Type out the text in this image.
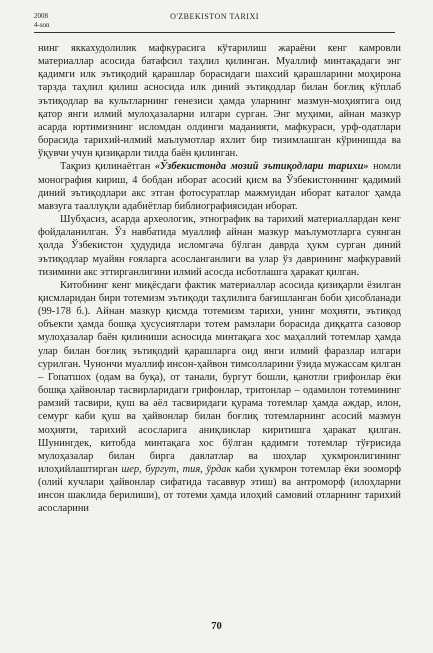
2008
4-son
O'ZBEKISTON TARIXI

нинг яккахудолилик мафкурасига кўтарилиш жараёни кенг камровли материаллар асосида батафсил таҳлил қилинган. Муаллиф минтақадаги энг қадимги илк эътиқодий қарашлар борасидаги шахсий қарашларини моҳирона тарзда таҳлил қилиш асносида илк диний эътиқодлар билан боғлиқ кўплаб эътиқодлар ва культларнинг генезиси ҳамда уларнинг мазмун-моҳиятига оид қатор янги илмий мулоҳазаларни илгари сурган. Энг муҳими, айнан мазкур асарда юртимизнинг исломдан олдинги маданияти, мафкураси, урф-одатлари борасида тарихий-илмий маълумотлар яхлит бир тизимлашган кўринишда ва ўқувчи учун қизиқарли тилда баён қилинган.

Тақриз қилинаётган «Ўзбекистонда мозий эътиқодлари тарихи» номли монография кириш, 4 бобдан иборат асосий қисм ва Ўзбекистоннинг қадимий диний эътиқодлари акс этган фотосуратлар мажмуидан иборат каталог ҳамда мавзуга тааллуқли адабиётлар библиографиясидан иборат.

Шубҳасиз, асарда археологик, этнографик ва тарихий материаллардан кенг фойдаланилган. Ўз навбатида муаллиф айнан мазкур маълумотларга суянган ҳолда Ўзбекистон ҳудудида исломгача бўлган даврда ҳукм сурган диний эътиқодлар муайян ғояларга асосланганлиги ва улар ўз даврининг мафкуравий тизимини акс эттирганлигини илмий асосда исботлашга ҳаракат қилган.

Китобнинг кенг миқёсдаги фактик материаллар асосида қизиқарли ёзилган қисмларидан бири тотемизм эътиқоди таҳлилига бағишланган боби ҳисобланади (99-178 б.). Айнан мазкур қисмда тотемизм тарихи, унинг моҳияти, эътиқод объекти ҳамда бошқа ҳусусиятлари тотем рамзлари борасида диққатга сазовор мулоҳазалар баён қилиниши асносида минтақага хос маҳаллий тотемлар ҳамда улар билан боғлиқ эътиқодий қарашларга оид янги илмий фаразлар илгари сурилган. Чунончи муаллиф инсон-ҳайвон тимсолларини ўзида мужассам қилган – Гопатшох (одам ва буқа), от танали, бургут бошли, қанотли грифонлар ёки бошқа ҳайвонлар тасвирларидаги грифонлар, тритонлар – одамилон тотемининг рамзий тасвири, қуш ва аёл тасвиридаги қурама тотемлар ҳамда аждар, илон, семург каби қуш ва ҳайвонлар билан боғлиқ тотемларнинг асосий мазмун моҳияти, тарихий асосларига аниқликлар киритишга ҳаракат қилган. Шунингдек, китобда минтақага хос бўлган қадимги тотемлар тўғрисида мулоҳазалар билан бирга давлатлар ва шоҳлар ҳукмронлигининг илоҳийлаштирган шер, бургут, тия, ўрдак каби ҳукмрон тотемлар ёки зооморф (олий кучлари ҳайвонлар сифатида тасаввур этиш) ва антроморф (илоҳларни инсон шаклида берилиши), от тотеми ҳамда илоҳий самовий отларнинг тарихий асосларини

70
